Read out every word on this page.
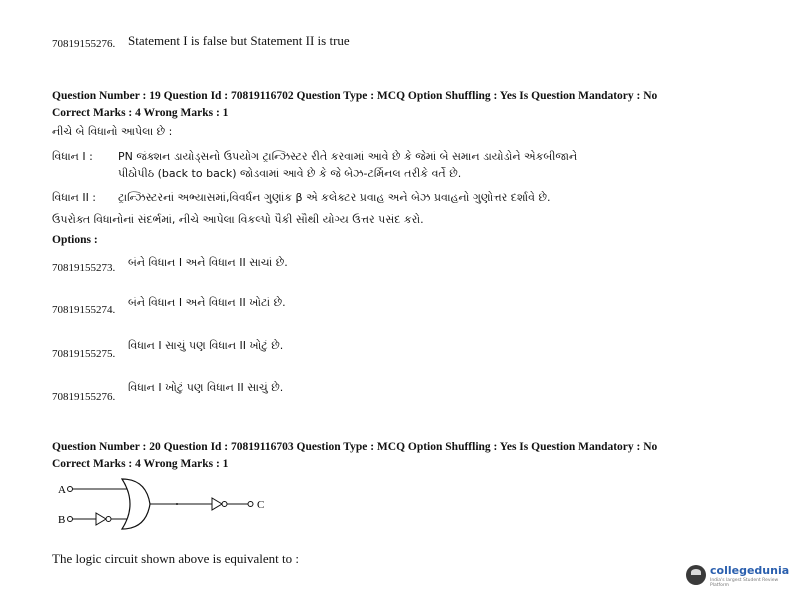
70819155276. Statement I is false but Statement II is true
Question Number : 19 Question Id : 70819116702 Question Type : MCQ Option Shuffling : Yes Is Question Mandatory : No
Correct Marks : 4 Wrong Marks : 1
નીચે બે વિધાનો આપેલા છે :
વિધાન I : PN જંક્શન ડાયોડ્સનો ઉપયોગ ટ્રાન્ઝિસ્ટર રીતે કરવામાં આવે છે કે જેમાં બે સમાન ડાયોડોને એકબીજાને
પીઠોપીઠ (back to back) જોડવામાં આવે છે કે જે બેઝ-ટર્મિનલ તરીકે વર્તે છે.
વિધાન II : ટ્રાન્ઝિસ્ટરનાં અભ્યાસમાં,વિવર્ધન ગુણાંક β એ કલેક્ટર પ્રવાહ અને બેઝ પ્રવાહનો ગુણોત્તર દર્શાવે છે.
ઉપરોક્ત વિધાનોનાં સંદર્ભમાં, નીચે આપેલા વિકલ્પો પૈકી સૌથી યોગ્ય ઉત્તર પસંદ કરો.
Options :
70819155273. બંને વિધાન I અને વિધાન II સાચાં છે.
70819155274.
બંને વિધાન I અને વિધાન II ખોટાં છે.
70819155275.
વિધાન I સાચું પણ વિધાન II ખોટું છે.
70819155276.
વિધાન I ખોટું પણ વિધાન II સાચું છે.
Question Number : 20 Question Id : 70819116703 Question Type : MCQ Option Shuffling : Yes Is Question Mandatory : No
Correct Marks : 4 Wrong Marks : 1
A
B
C
The logic circuit shown above is equivalent to :
collegedunia
India's largest Student Review Platform
